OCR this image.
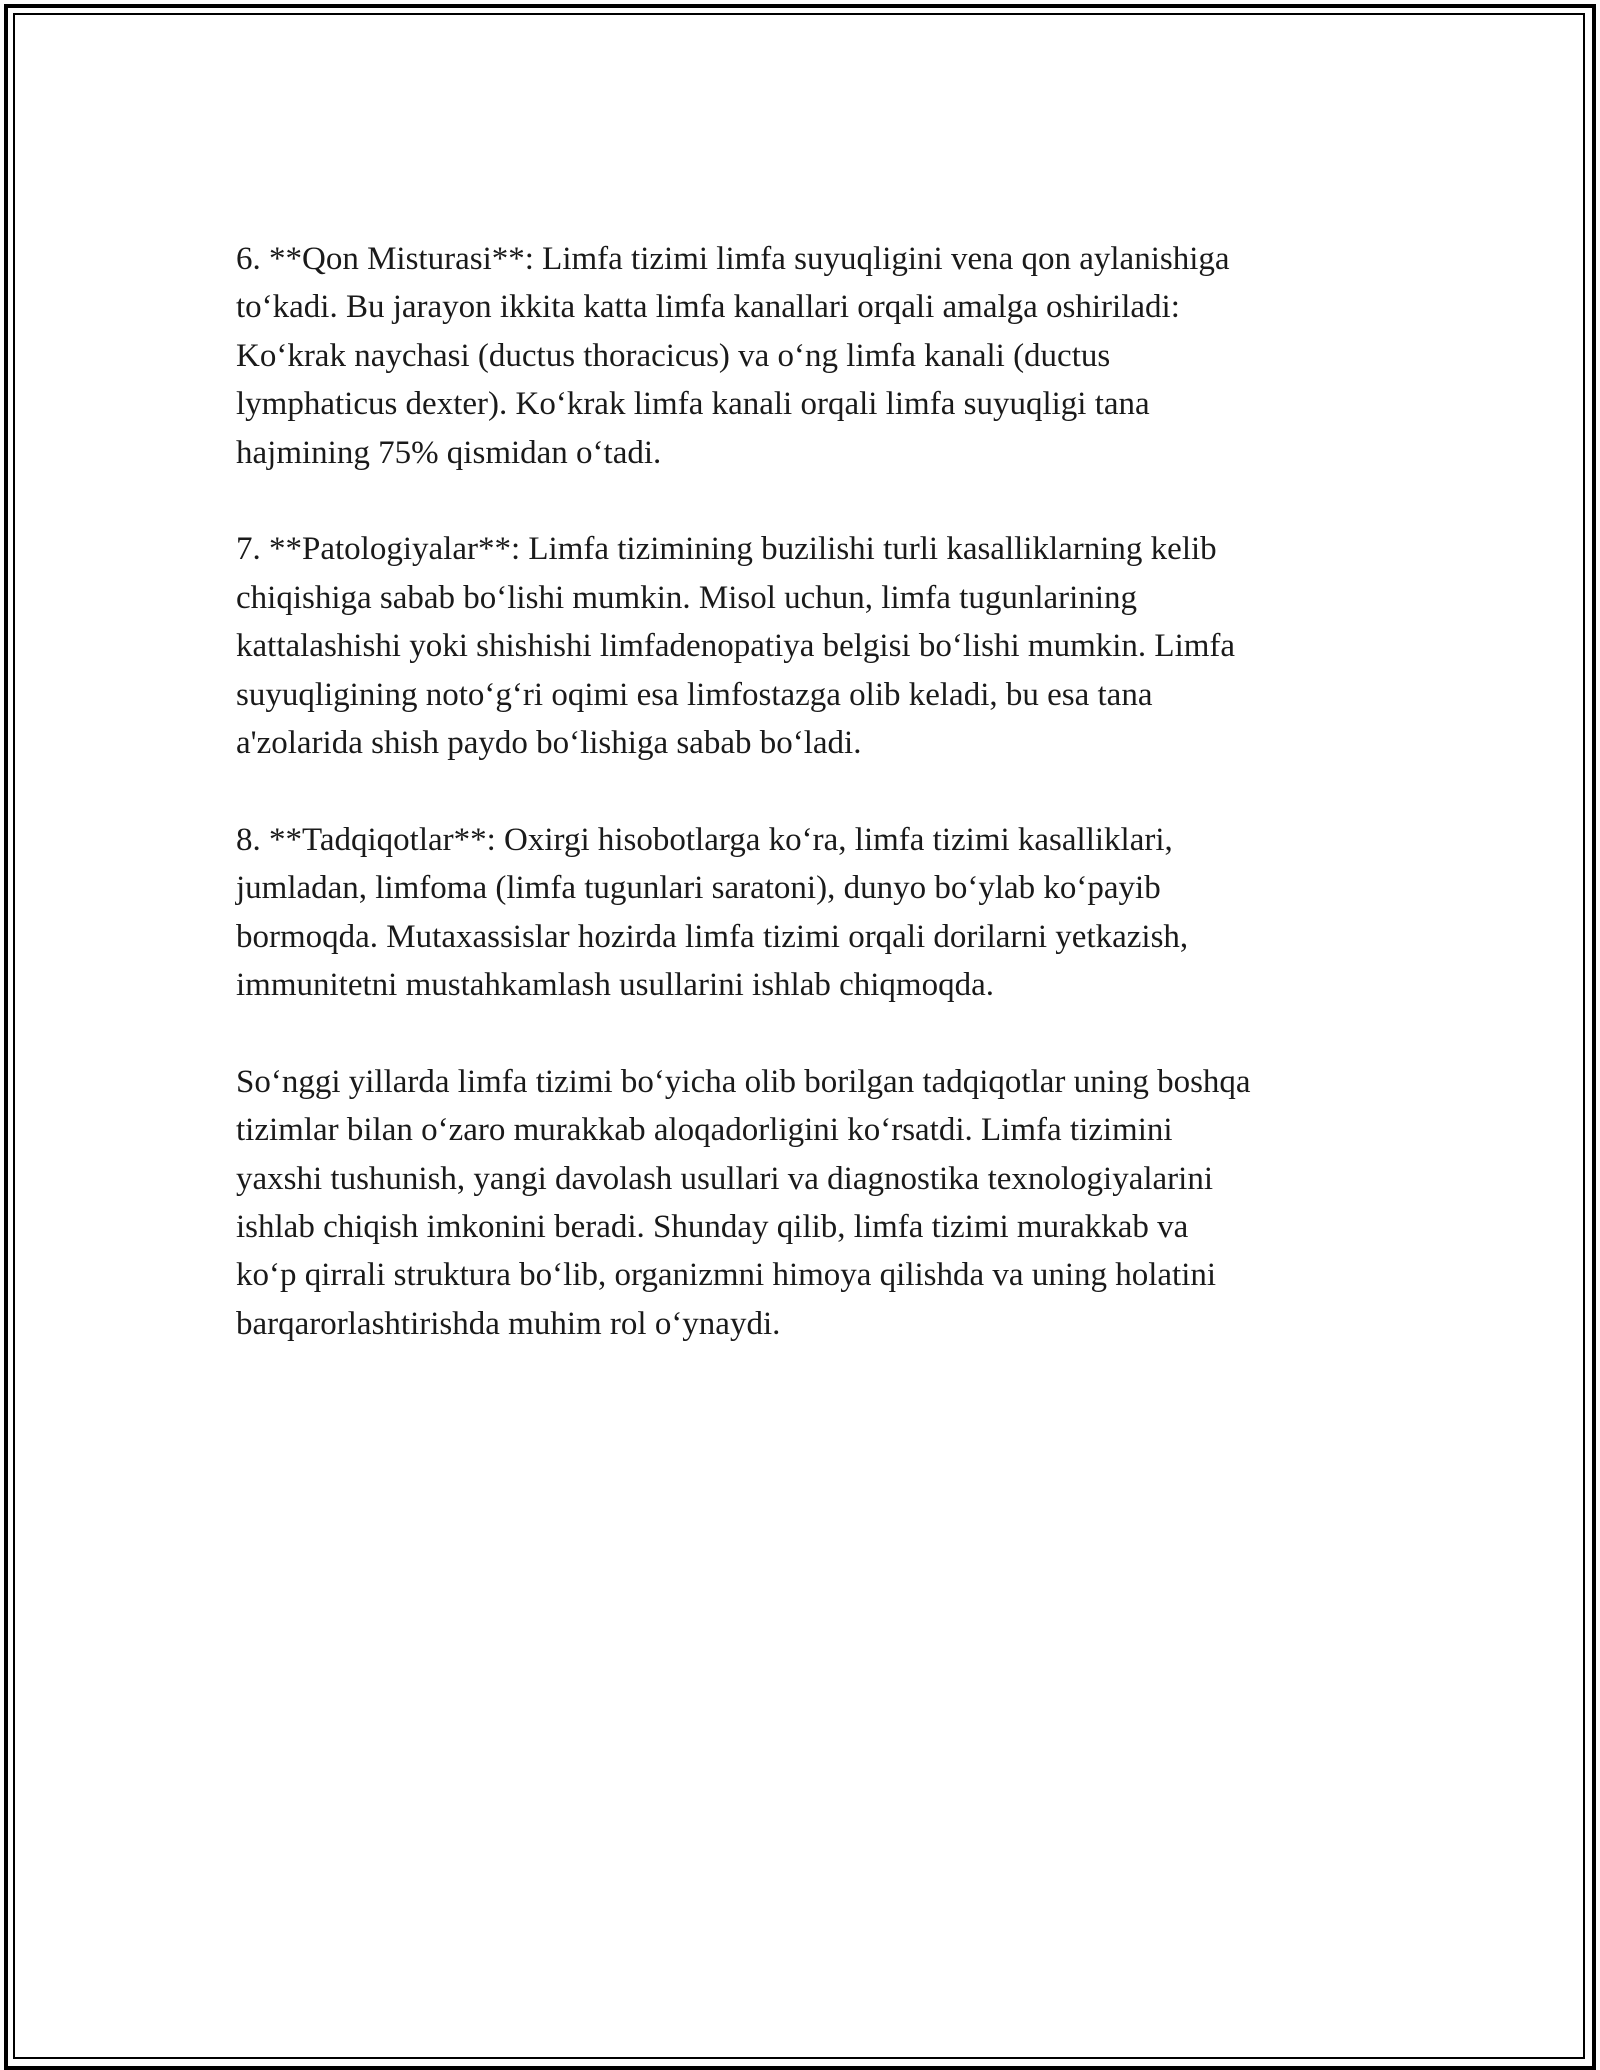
6. **Qon Misturasi**: Limfa tizimi limfa suyuqligini vena qon aylanishiga
to‘kadi. Bu jarayon ikkita katta limfa kanallari orqali amalga oshiriladi:
Ko‘krak naychasi (ductus thoracicus) va o‘ng limfa kanali (ductus
lymphaticus dexter). Ko‘krak limfa kanali orqali limfa suyuqligi tana
hajmining 75% qismidan o‘tadi.

7. **Patologiyalar**: Limfa tizimining buzilishi turli kasalliklarning kelib
chiqishiga sabab bo‘lishi mumkin. Misol uchun, limfa tugunlarining
kattalashishi yoki shishishi limfadenopatiya belgisi bo‘lishi mumkin. Limfa
suyuqligining noto‘g‘ri oqimi esa limfostazga olib keladi, bu esa tana
a'zolarida shish paydo bo‘lishiga sabab bo‘ladi.

8. **Tadqiqotlar**: Oxirgi hisobotlarga ko‘ra, limfa tizimi kasalliklari,
jumladan, limfoma (limfa tugunlari saratoni), dunyo bo‘ylab ko‘payib
bormoqda. Mutaxassislar hozirda limfa tizimi orqali dorilarni yetkazish,
immunitetni mustahkamlash usullarini ishlab chiqmoqda.

So‘nggi yillarda limfa tizimi bo‘yicha olib borilgan tadqiqotlar uning boshqa
tizimlar bilan o‘zaro murakkab aloqadorligini ko‘rsatdi. Limfa tizimini
yaxshi tushunish, yangi davolash usullari va diagnostika texnologiyalarini
ishlab chiqish imkonini beradi. Shunday qilib, limfa tizimi murakkab va
ko‘p qirrali struktura bo‘lib, organizmni himoya qilishda va uning holatini
barqarorlashtirishda muhim rol o‘ynaydi.
